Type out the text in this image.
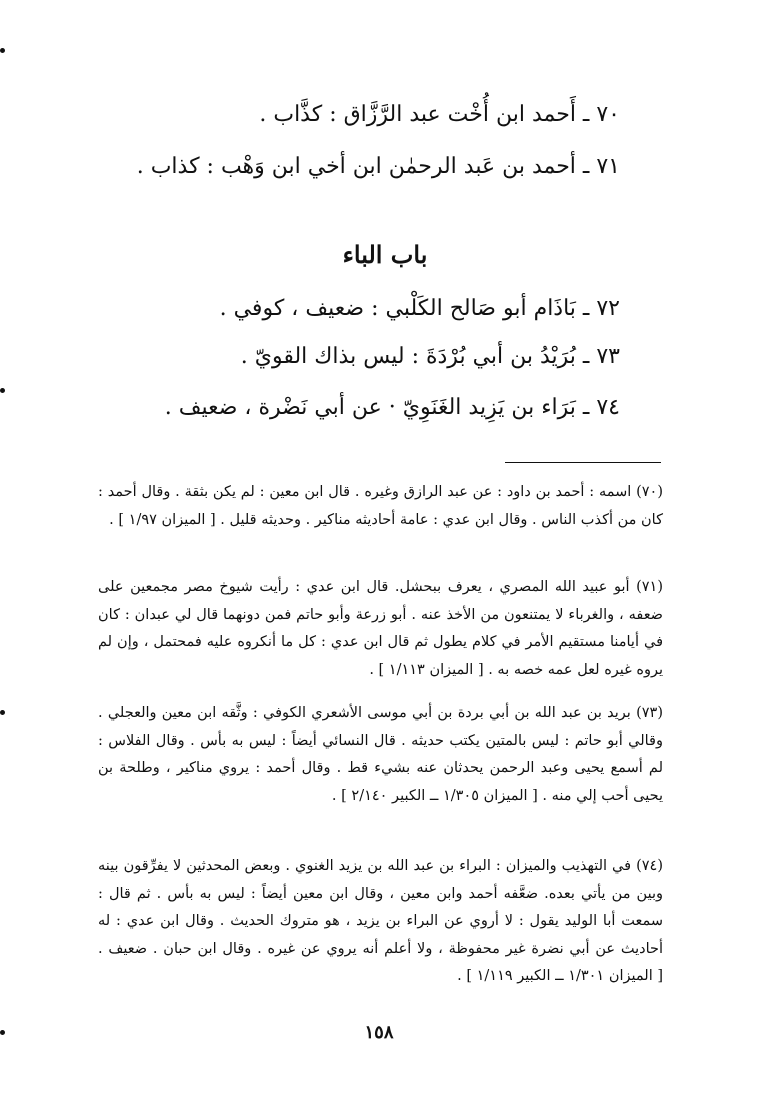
٧٠ ـ أَحمد ابن أُخْت عبد الرَّزَّاق : كذَّاب .
٧١ ـ أحمد بن عَبد الرحمٰن ابن أخي ابن وَهْب : كذاب .
باب الباء
٧٢ ـ بَاذَام أبو صَالح الكَلْبي : ضعيف ، كوفي .
٧٣ ـ بُرَيْدُ بن أبي بُرْدَةَ : ليس بذاك القويّ .
٧٤ ـ بَرَاء بن يَزِيد الغَنَوِيّ · عن أبي نَضْرة ، ضعيف .

(٧٠) اسمه : أحمد بن داود : عن عبد الرازق وغيره . قال ابن معين : لم يكن بثقة . وقال أحمد : كان من أكذب الناس . وقال ابن عدي : عامة أحاديثه مناكير . وحديثه قليل . [ الميزان ١/٩٧ ] .

(٧١) أبو عبيد الله المصري ، يعرف ببحشل. قال ابن عدي : رأيت شيوخ مصر مجمعين على ضعفه ، والغرباء لا يمتنعون من الأخذ عنه . أبو زرعة وأبو حاتم فمن دونهما قال لي عبدان : كان في أيامنا مستقيم الأمر في كلام يطول ثم قال ابن عدي : كل ما أنكروه عليه فمحتمل ، وإن لم يروه غيره لعل عمه خصه به . [ الميزان ١/١١٣ ] .

(٧٣) بريد بن عبد الله بن أبي بردة بن أبي موسى الأشعري الكوفي : وثَّقه ابن معين والعجلي . وقالي أبو حاتم : ليس بالمتين يكتب حديثه . قال النسائي أيضاً : ليس به بأس . وقال الفلاس : لم أسمع يحيى وعبد الرحمن يحدثان عنه بشيء قط . وقال أحمد : يروي مناكير ، وطلحة بن يحيى أحب إلي منه . [ الميزان ١/٣٠٥ ــ الكبير ٢/١٤٠ ] .

(٧٤) في التهذيب والميزان : البراء بن عبد الله بن يزيد الغنوي . وبعض المحدثين لا يفرِّقون بينه وبين من يأتي بعده. ضعَّفه أحمد وابن معين ، وقال ابن معين أيضاً : ليس به بأس . ثم قال : سمعت أبا الوليد يقول : لا أروي عن البراء بن يزيد ، هو متروك الحديث . وقال ابن عدي : له أحاديث عن أبي نضرة غير محفوظة ، ولا أعلم أنه يروي عن غيره . وقال ابن حبان . ضعيف . [ الميزان ١/٣٠١ ــ الكبير ١/١١٩ ] .

١٥٨
